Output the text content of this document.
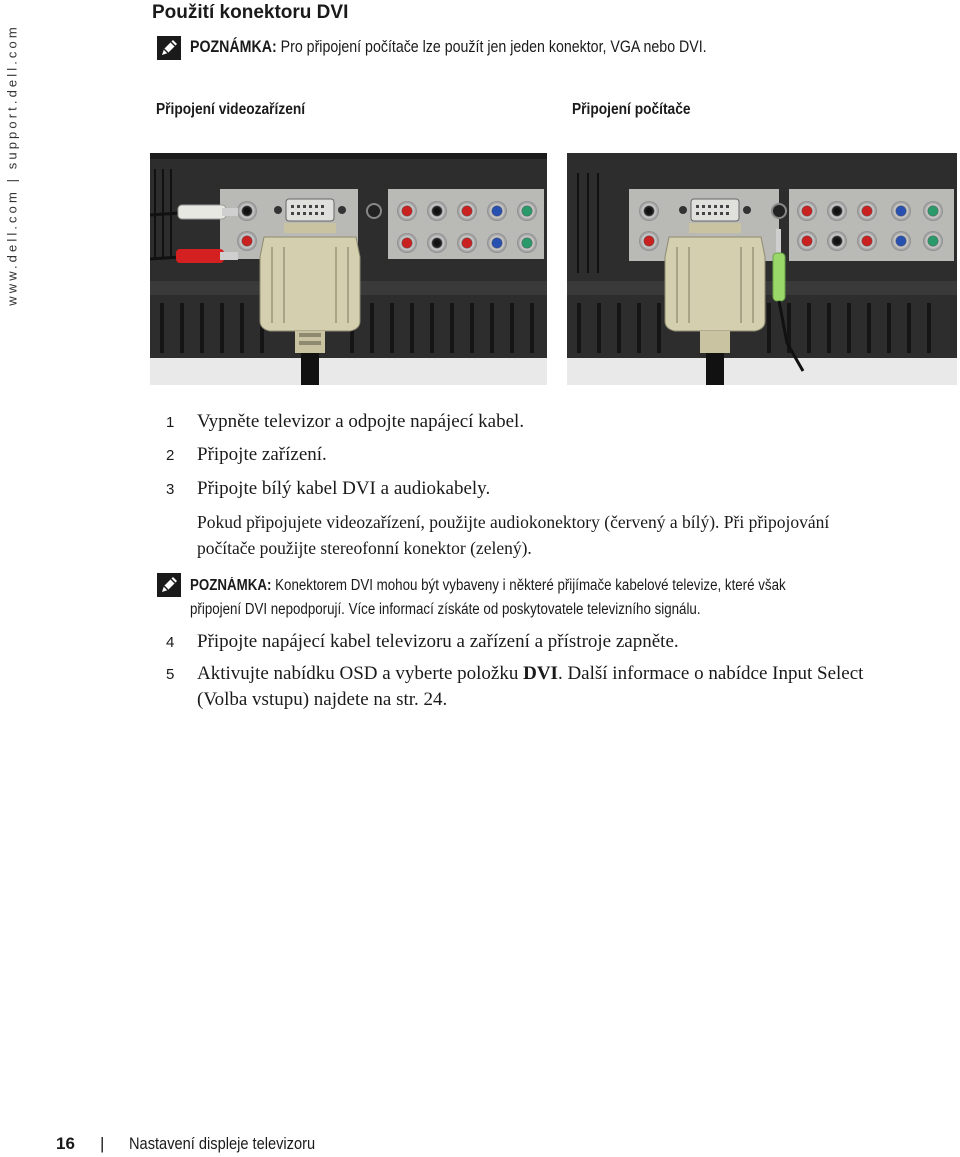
www.dell.com | support.dell.com
Použití konektoru DVI
POZNÁMKA: Pro připojení počítače lze použít jen jeden konektor, VGA nebo DVI.
Připojení videozařízení	Připojení počítače
1 Vypněte televizor a odpojte napájecí kabel.
2 Připojte zařízení.
3 Připojte bílý kabel DVI a audiokabely.
Pokud připojujete videozařízení, použijte audiokonektory (červený a bílý). Při připojování
počítače použijte stereofonní konektor (zelený).
POZNÁMKA: Konektorem DVI mohou být vybaveny i některé přijímače kabelové televize, které však
připojení DVI nepodporují. Více informací získáte od poskytovatele televizního signálu.
4 Připojte napájecí kabel televizoru a zařízení a přístroje zapněte.
5 Aktivujte nabídku OSD a vyberte položku DVI. Další informace o nabídce Input Select
(Volba vstupu) najdete na str. 24.
16 | Nastavení displeje televizoru
